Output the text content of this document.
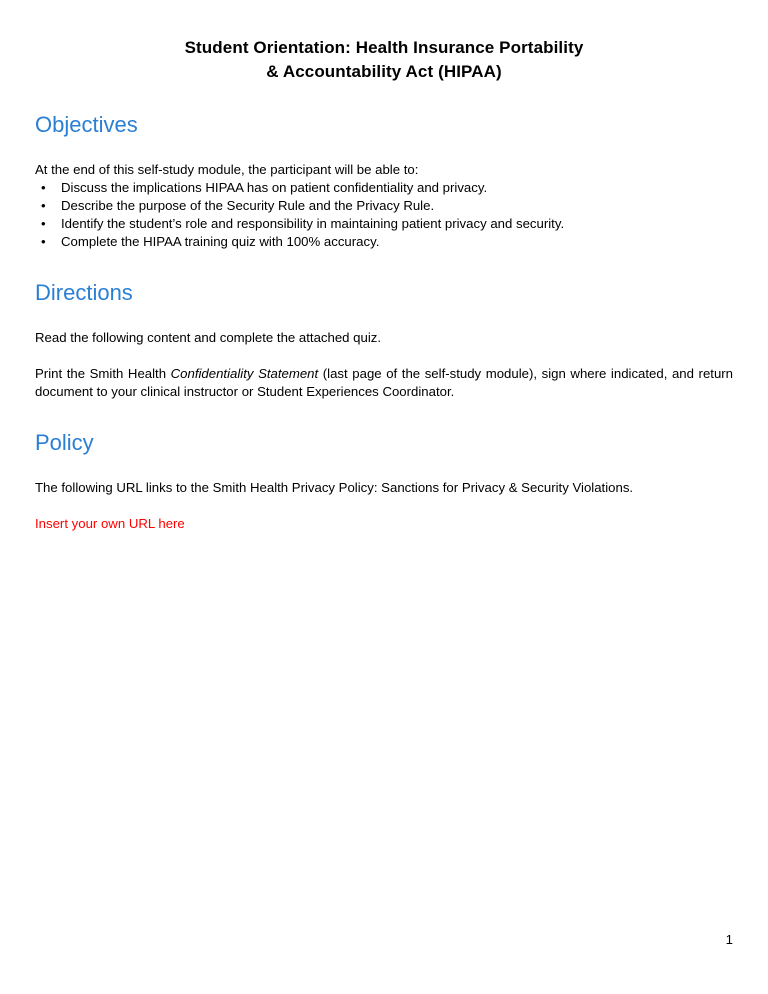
Student Orientation: Health Insurance Portability
& Accountability Act (HIPAA)
Objectives

At the end of this self-study module, the participant will be able to:

•	Discuss the implications HIPAA has on patient confidentiality and privacy.
•	Describe the purpose of the Security Rule and the Privacy Rule.
•	Identify the student’s role and responsibility in maintaining patient privacy and security.
•	Complete the HIPAA training quiz with 100% accuracy.
Directions

Read the following content and complete the attached quiz.

Print the Smith Health Confidentiality Statement (last page of the self-study module), sign where indicated, and return document to your clinical instructor or Student Experiences Coordinator.

Policy

The following URL links to the Smith Health Privacy Policy: Sanctions for Privacy & Security Violations.

Insert your own URL here

1
